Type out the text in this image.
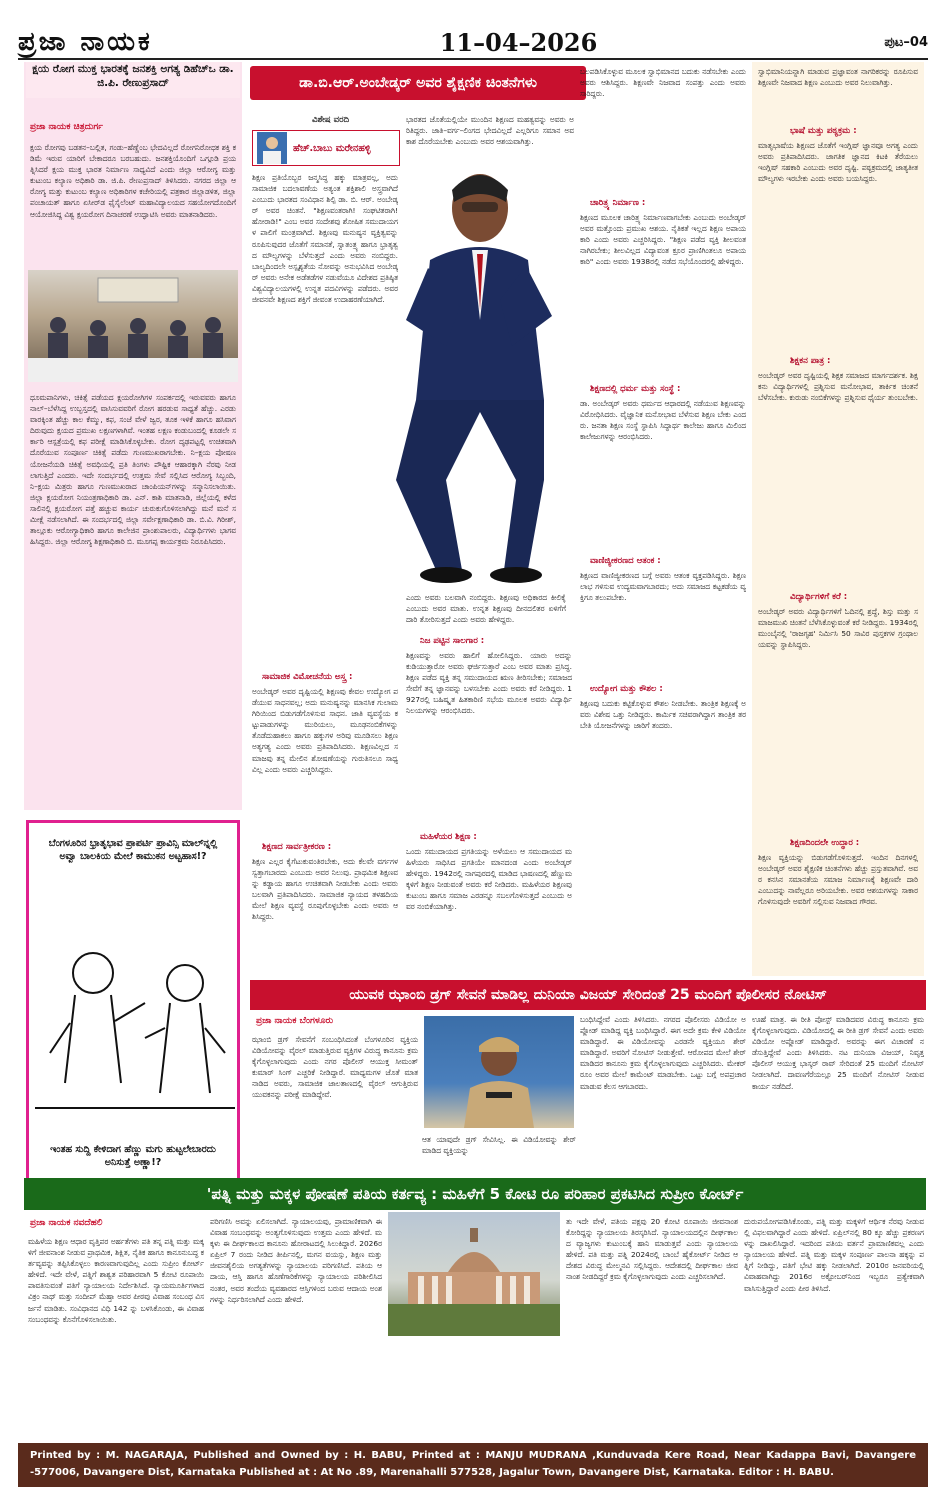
ಪ್ರಜಾ ನಾಯಕ	11–04–2026	ಪುಟ–04
ಕ್ಷಯ ರೋಗ ಮುಕ್ತ ಭಾರತಕ್ಕೆ ಜನಶಕ್ತಿ ಅಗತ್ಯ ಡಿಹೆಚ್‌ಒ ಡಾ. ಜಿ.ಪಿ. ರೇಣುಪ್ರಸಾದ್
ಪ್ರಜಾ ನಾಯಕ ಚಿತ್ರದುರ್ಗ
ಕ್ಷಯ ರೋಗವು ಬಡತನ–ಬಲ್ಲಿತ, ಗಂಡು–ಹೆಣ್ಣೆಂಬ ಭೇದವಿಲ್ಲದೆ ರೋಗನಿರೋಧಕ ಶಕ್ತಿ ಕಡಿಮೆ ಇರುವ ಯಾರಿಗೆ ಬೇಕಾದರೂ ಬರಬಹುದು. ಜನಶಕ್ತಿಯೊಂದಿಗೆ ಒಗ್ಗೂಡಿ ಪ್ರಯತ್ನಿಸಿದರೆ ಕ್ಷಯ ಮುಕ್ತ ಭಾರತ ನಿರ್ಮಾಣ ಸಾಧ್ಯವಿದೆ ಎಂದು ಜಿಲ್ಲಾ ಆರೋಗ್ಯ ಮತ್ತು ಕುಟುಂಬ ಕಲ್ಯಾಣ ಅಧಿಕಾರಿ ಡಾ. ಜಿ.ಪಿ. ರೇಣುಪ್ರಸಾದ್ ತಿಳಿಸಿದರು. ನಗರದ ಜಿಲ್ಲಾ ಆರೋಗ್ಯ ಮತ್ತು ಕುಟುಂಬ ಕಲ್ಯಾಣ ಅಧಿಕಾರಿಗಳ ಕಚೇರಿಯಲ್ಲಿ ಪತ್ರಕಾರ ಜಿಲ್ಲಾಡಳಿತ, ಜಿಲ್ಲಾ ಪಂಚಾಯತ್ ಹಾಗೂ ಏಸೀರ್‌ಡ ಫೈಸೈಲೆಂಟ್ ಮಹಾವಿದ್ಯಾಲಯದ ಸಹಯೋಗದೊಂದಿಗೆ ಆಯೋಜಿಸಿದ್ದ ವಿಶ್ವ ಕ್ಷಯರೋಗ ದಿನಾಚರಣೆ ಉದ್ಘಾಟಿಸಿ ಅವರು ಮಾತನಾಡಿದರು.
ಧೂಮಪಾನಿಗಳು, ಚಿಕಿತ್ಸೆ ಪಡೆಯದ ಕ್ಷಯರೋಗಿಗಳ ಸಂಪರ್ಕದಲ್ಲಿ ಇರುವವರು ಹಾಗೂ ನಾಲ್–ಬೆಳೆಸಿದ್ದ ಉಬ್ಬಸ್ತದಲ್ಲಿ ವಾಸಿಸುವವರಿಗೆ ರೋಗ ಹರಡುವ ಸಾಧ್ಯತೆ ಹೆಚ್ಚು. ಎರಡು ವಾರಕ್ಕಿಂತ ಹೆಚ್ಚು ಕಾಲ ಕೆಮ್ಮು, ಕಫ, ಸಂಜೆ ವೇಳೆ ಜ್ವರ, ತೂಕ ಇಳಿಕೆ ಹಾಗೂ ಹಸಿವಾಗದಿರುವುದು ಕ್ಷಯದ ಪ್ರಮುಖ ಲಕ್ಷಣಗಳಾಗಿವೆ. ಇಂತಹ ಲಕ್ಷಣ ಕಂಡುಬಂದಲ್ಲಿ ಕೂಡಲೇ ಸರ್ಕಾರಿ ಆಸ್ಪತ್ರೆಯಲ್ಲಿ ಕಫ ಪರೀಕ್ಷೆ ಮಾಡಿಸಿಕೊಳ್ಳಬೇಕು. ರೋಗ ದೃಢಪಟ್ಟಲ್ಲಿ ಉಚಿತವಾಗಿ ದೊರೆಯುವ ಸಂಪೂರ್ಣ ಚಿಕಿತ್ಸೆ ಪಡೆದು ಗುಣಮುಖರಾಗಬೇಕು. ನಿ–ಕ್ಷಯ ಪೋಷಣ ಯೋಜನೆಯಡಿ ಚಿಕಿತ್ಸೆ ಅವಧಿಯಲ್ಲಿ ಪ್ರತಿ ತಿಂಗಳು ಪೌಷ್ಟಿಕ ಆಹಾರಕ್ಕಾಗಿ ನೆರವು ನೀಡಲಾಗುತ್ತಿದೆ ಎಂದರು. ಇದೇ ಸಂದರ್ಭದಲ್ಲಿ ಉತ್ತಮ ಸೇವೆ ಸಲ್ಲಿಸಿದ ಆರೋಗ್ಯ ಸಿಬ್ಬಂದಿ, ನಿ–ಕ್ಷಯ ಮಿತ್ರರು ಹಾಗೂ ಗುಣಮುಖರಾದ ಚಾಂಪಿಯನ್‌ಗಳನ್ನು ಸನ್ಮಾನಿಸಲಾಯಿತು. ಜಿಲ್ಲಾ ಕ್ಷಯರೋಗ ನಿಯಂತ್ರಣಾಧಿಕಾರಿ ಡಾ. ಎನ್. ಕಾಶಿ ಮಾತನಾಡಿ, ಜಿಲ್ಲೆಯಲ್ಲಿ ಕಳೆದ ಸಾಲಿನಲ್ಲಿ ಕ್ಷಯರೋಗ ಪತ್ತೆ ಹಚ್ಚುವ ಕಾರ್ಯ ಚುರುಕುಗೊಳಿಸಲಾಗಿದ್ದು ಮನೆ ಮನೆ ಸಮೀಕ್ಷೆ ನಡೆಸಲಾಗಿದೆ. ಈ ಸಂದರ್ಭದಲ್ಲಿ ಜಿಲ್ಲಾ ಸರ್ವೇಕ್ಷಣಾಧಿಕಾರಿ ಡಾ. ಬಿ.ವಿ. ಗಿರೀಶ್, ತಾಲ್ಲೂಕು ಆರೋಗ್ಯಾಧಿಕಾರಿ ಹಾಗೂ ಕಾಲೇಜಿನ ಪ್ರಾಂಶುಪಾಲರು, ವಿದ್ಯಾರ್ಥಿಗಳು ಭಾಗವಹಿಸಿದ್ದರು. ಜಿಲ್ಲಾ ಆರೋಗ್ಯ ಶಿಕ್ಷಣಾಧಿಕಾರಿ ಬಿ. ಮೂಗಪ್ಪ ಕಾರ್ಯಕ್ರಮ ನಿರೂಪಿಸಿದರು.
ಬೆಂಗಳೂರಿನ ಭ್ರಾತೃಭಾವ ಪ್ರಾಪರ್ಟಿ ಪ್ರಾವಿನ್ಸಿ ಮಾಲ್‌ನ್ನಲ್ಲಿ ಅವ್ವಾ ಬಾಲಕಿಯ ಮೇಲೆ ಕಾಮುಕನ ಅಟ್ಟಹಾಸ!?
ಇಂತಹ ಸುದ್ದಿ ಕೇಳಿದಾಗ ಹೆಣ್ಣು ಮಗು ಹುಟ್ಟಲೇಬಾರದು ಅನಿಸುತ್ತೆ ಅಣ್ಣಾ!?
ಡಾ.ಬಿ.ಆರ್.ಅಂಬೇಡ್ಕರ್ ಅವರ ಶೈಕ್ಷಣಿಕ ಚಿಂತನೆಗಳು
ವಿಶೇಷ ವರದಿ
ಹೆಚ್.ಬಾಬು ಮರೇನಹಳ್ಳಿ
ಶಿಕ್ಷಣ ಪ್ರತಿಯೊಬ್ಬರ ಜನ್ಮಸಿದ್ಧ ಹಕ್ಕು ಮಾತ್ರವಲ್ಲ, ಅದು ಸಾಮಾಜಿಕ ಬದಲಾವಣೆಯ ಅತ್ಯಂತ ಶಕ್ತಿಶಾಲಿ ಅಸ್ತ್ರವಾಗಿದೆ ಎಂಬುದು ಭಾರತದ ಸಂವಿಧಾನ ಶಿಲ್ಪಿ ಡಾ. ಬಿ. ಆರ್. ಅಂಬೇಡ್ಕರ್ ಅವರ ಚಿಂತನೆ. "ಶಿಕ್ಷಣವಂತರಾಗಿ! ಸಂಘಟಿತರಾಗಿ! ಹೋರಾಡಿ!" ಎಂಬ ಅವರ ಸಂದೇಶವು ಶೋಷಿತ ಸಮುದಾಯಗಳ ಪಾಲಿಗೆ ಮಂತ್ರವಾಗಿದೆ. ಶಿಕ್ಷಣವು ಮನುಷ್ಯನ ವ್ಯಕ್ತಿತ್ವವನ್ನು ರೂಪಿಸುವುದರ ಜೊತೆಗೆ ಸಮಾನತೆ, ಸ್ವಾತಂತ್ರ್ಯ ಹಾಗೂ ಭ್ರಾತೃತ್ವದ ಮೌಲ್ಯಗಳನ್ನು ಬೆಳೆಸುತ್ತದೆ ಎಂದು ಅವರು ನಂಬಿದ್ದರು. ಬಾಲ್ಯದಿಂದಲೇ ಅಸ್ಪೃಶ್ಯತೆಯ ನೋವನ್ನು ಅನುಭವಿಸಿದ ಅಂಬೇಡ್ಕರ್ ಅವರು ಅನೇಕ ಅಡೆತಡೆಗಳ ನಡುವೆಯೂ ವಿದೇಶದ ಪ್ರತಿಷ್ಠಿತ ವಿಶ್ವವಿದ್ಯಾಲಯಗಳಲ್ಲಿ ಉನ್ನತ ಪದವಿಗಳನ್ನು ಪಡೆದರು. ಅವರ ಜೀವನವೇ ಶಿಕ್ಷಣದ ಶಕ್ತಿಗೆ ಜೀವಂತ ಉದಾಹರಣೆಯಾಗಿದೆ.
ಸಾಮಾಜಿಕ ವಿಮೋಚನೆಯ ಅಸ್ತ್ರ :
ಅಂಬೇಡ್ಕರ್ ಅವರ ದೃಷ್ಟಿಯಲ್ಲಿ ಶಿಕ್ಷಣವು ಕೇವಲ ಉದ್ಯೋಗ ಪಡೆಯುವ ಸಾಧನವಲ್ಲ; ಅದು ಮನುಷ್ಯನನ್ನು ಮಾನಸಿಕ ಗುಲಾಮಗಿರಿಯಿಂದ ಬಿಡುಗಡೆಗೊಳಿಸುವ ಸಾಧನ. ಜಾತಿ ವ್ಯವಸ್ಥೆಯ ಕಟ್ಟುಪಾಡುಗಳನ್ನು ಮುರಿಯಲು, ಮೂಢನಂಬಿಕೆಗಳನ್ನು ತೊಡೆದುಹಾಕಲು ಹಾಗೂ ಹಕ್ಕುಗಳ ಅರಿವು ಮೂಡಿಸಲು ಶಿಕ್ಷಣ ಅತ್ಯಗತ್ಯ ಎಂದು ಅವರು ಪ್ರತಿಪಾದಿಸಿದರು. ಶಿಕ್ಷಣವಿಲ್ಲದ ಸಮಾಜವು ತನ್ನ ಮೇಲಿನ ಶೋಷಣೆಯನ್ನು ಗುರುತಿಸಲೂ ಸಾಧ್ಯವಿಲ್ಲ ಎಂದು ಅವರು ಎಚ್ಚರಿಸಿದ್ದರು.
ಶಿಕ್ಷಣದ ಸಾರ್ವತ್ರೀಕರಣ :
ಶಿಕ್ಷಣ ಎಲ್ಲರ ಕೈಗೆಟುಕುವಂತಿರಬೇಕು, ಅದು ಕೆಲವೇ ವರ್ಗಗಳ ಸ್ವತ್ತಾಗಬಾರದು ಎಂಬುದು ಅವರ ನಿಲುವು. ಪ್ರಾಥಮಿಕ ಶಿಕ್ಷಣವನ್ನು ಕಡ್ಡಾಯ ಹಾಗೂ ಉಚಿತವಾಗಿ ನೀಡಬೇಕು ಎಂದು ಅವರು ಬಲವಾಗಿ ಪ್ರತಿಪಾದಿಸಿದರು. ಸಾಮಾಜಿಕ ನ್ಯಾಯದ ತಳಹದಿಯ ಮೇಲೆ ಶಿಕ್ಷಣ ವ್ಯವಸ್ಥೆ ರೂಪುಗೊಳ್ಳಬೇಕು ಎಂದು ಅವರು ಆಶಿಸಿದ್ದರು.
ಭಾರತದ ಜೊತೆಯಲ್ಲಿಯೇ ಮುಂದಿನ ಶಿಕ್ಷಣದ ಮಹತ್ವವನ್ನು ಅವರು ಅರಿತಿದ್ದರು. ಜಾತಿ–ವರ್ಗ–ಲಿಂಗದ ಭೇದವಿಲ್ಲದೆ ಎಲ್ಲರಿಗೂ ಸಮಾನ ಅವಕಾಶ ದೊರೆಯಬೇಕು ಎಂಬುದು ಅವರ ಆಶಯವಾಗಿತ್ತು.
ಎಂದು ಅವರು ಬಲವಾಗಿ ನಂಬಿದ್ದರು. ಶಿಕ್ಷಣವು ಅಧಿಕಾರದ ಕೀಲಿಕೈ ಎಂಬುದು ಅವರ ಮಾತು. ಉನ್ನತ ಶಿಕ್ಷಣವು ದೀನದಲಿತರ ಏಳಿಗೆಗೆ ದಾರಿ ತೋರಿಸುತ್ತದೆ ಎಂದು ಅವರು ಹೇಳಿದ್ದರು.
ನಿಜ ಪಟ್ಟಿನ ಸಾಲಗಾರ :
ಶಿಕ್ಷಣವನ್ನು ಅವರು ಹಾಲಿಗೆ ಹೋಲಿಸಿದ್ದರು. ಯಾರು ಅದನ್ನು ಕುಡಿಯುತ್ತಾರೋ ಅವರು ಘರ್ಜಿಸುತ್ತಾರೆ ಎಂಬ ಅವರ ಮಾತು ಪ್ರಸಿದ್ಧ. ಶಿಕ್ಷಣ ಪಡೆದ ವ್ಯಕ್ತಿ ತನ್ನ ಸಮುದಾಯದ ಋಣ ತೀರಿಸಬೇಕು; ಸಮಾಜದ ಸೇವೆಗೆ ತನ್ನ ಜ್ಞಾನವನ್ನು ಬಳಸಬೇಕು ಎಂದು ಅವರು ಕರೆ ನೀಡಿದ್ದರು. 1927ರಲ್ಲಿ ಬಹಿಷ್ಕೃತ ಹಿತಕಾರಿಣಿ ಸಭೆಯ ಮೂಲಕ ಅವರು ವಿದ್ಯಾರ್ಥಿ ನಿಲಯಗಳನ್ನು ಆರಂಭಿಸಿದರು.
ಮಹಿಳೆಯರ ಶಿಕ್ಷಣ :
ಒಂದು ಸಮುದಾಯದ ಪ್ರಗತಿಯನ್ನು ಅಳೆಯಲು ಆ ಸಮುದಾಯದ ಮಹಿಳೆಯರು ಸಾಧಿಸಿದ ಪ್ರಗತಿಯೇ ಮಾನದಂಡ ಎಂದು ಅಂಬೇಡ್ಕರ್ ಹೇಳಿದ್ದರು. 1942ರಲ್ಲಿ ನಾಗಪುರದಲ್ಲಿ ಮಾಡಿದ ಭಾಷಣದಲ್ಲಿ ಹೆಣ್ಣುಮಕ್ಕಳಿಗೆ ಶಿಕ್ಷಣ ನೀಡುವಂತೆ ಅವರು ಕರೆ ನೀಡಿದರು. ಮಹಿಳೆಯರ ಶಿಕ್ಷಣವು ಕುಟುಂಬ ಹಾಗೂ ಸಮಾಜ ಎರಡನ್ನೂ ಸಬಲಗೊಳಿಸುತ್ತದೆ ಎಂಬುದು ಅವರ ನಂಬಿಕೆಯಾಗಿತ್ತು.
ಬಲಪಡಿಸಿಕೊಳ್ಳುವ ಮೂಲಕ ಸ್ವಾಭಿಮಾನದ ಬದುಕು ನಡೆಸಬೇಕು ಎಂದು ಅವರು ಆಶಿಸಿದ್ದರು. ಶಿಕ್ಷಣವೇ ನಿಜವಾದ ಸಂಪತ್ತು ಎಂದು ಅವರು ಸಾರಿದ್ದರು.
ಚಾರಿತ್ರ್ಯ ನಿರ್ಮಾಣ :
ಶಿಕ್ಷಣದ ಮೂಲಕ ಚಾರಿತ್ರ್ಯ ನಿರ್ಮಾಣವಾಗಬೇಕು ಎಂಬುದು ಅಂಬೇಡ್ಕರ್ ಅವರ ಮತ್ತೊಂದು ಪ್ರಮುಖ ಆಶಯ. ನೈತಿಕತೆ ಇಲ್ಲದ ಶಿಕ್ಷಣ ಅಪಾಯಕಾರಿ ಎಂದು ಅವರು ಎಚ್ಚರಿಸಿದ್ದರು. "ಶಿಕ್ಷಣ ಪಡೆದ ವ್ಯಕ್ತಿ ಶೀಲವಂತನಾಗಿರಬೇಕು; ಶೀಲವಿಲ್ಲದ ವಿದ್ಯಾವಂತ ಕ್ರೂರ ಪ್ರಾಣಿಗಿಂತಲೂ ಅಪಾಯಕಾರಿ" ಎಂದು ಅವರು 1938ರಲ್ಲಿ ನಡೆದ ಸಭೆಯೊಂದರಲ್ಲಿ ಹೇಳಿದ್ದರು.
ಶಿಕ್ಷಣದಲ್ಲಿ ಧರ್ಮ ಮತ್ತು ಸಂಸ್ಥೆ :
ಡಾ. ಅಂಬೇಡ್ಕರ್ ಅವರು ಧರ್ಮದ ಆಧಾರದಲ್ಲಿ ನಡೆಯುವ ಶಿಕ್ಷಣವನ್ನು ವಿರೋಧಿಸಿದರು. ವೈಜ್ಞಾನಿಕ ಮನೋಭಾವ ಬೆಳೆಸುವ ಶಿಕ್ಷಣ ಬೇಕು ಎಂದರು. ಜನತಾ ಶಿಕ್ಷಣ ಸಂಸ್ಥೆ ಸ್ಥಾಪಿಸಿ ಸಿದ್ಧಾರ್ಥ ಕಾಲೇಜು ಹಾಗೂ ಮಿಲಿಂದ ಕಾಲೇಜುಗಳನ್ನು ಆರಂಭಿಸಿದರು.
ವಾಣಿಜ್ಯೀಕರಣದ ಆತಂಕ :
ಶಿಕ್ಷಣದ ವಾಣಿಜ್ಯೀಕರಣದ ಬಗ್ಗೆ ಅವರು ಆತಂಕ ವ್ಯಕ್ತಪಡಿಸಿದ್ದರು. ಶಿಕ್ಷಣ ಲಾಭ ಗಳಿಸುವ ಉದ್ಯಮವಾಗಬಾರದು; ಅದು ಸಮಾಜದ ಕಟ್ಟಕಡೆಯ ವ್ಯಕ್ತಿಗೂ ತಲುಪಬೇಕು.
ಉದ್ಯೋಗ ಮತ್ತು ಕೌಶಲ :
ಶಿಕ್ಷಣವು ಬದುಕು ಕಟ್ಟಿಕೊಳ್ಳುವ ಕೌಶಲ ನೀಡಬೇಕು. ತಾಂತ್ರಿಕ ಶಿಕ್ಷಣಕ್ಕೆ ಅವರು ವಿಶೇಷ ಒತ್ತು ನೀಡಿದ್ದರು. ಕಾರ್ಮಿಕ ಸಚಿವರಾಗಿದ್ದಾಗ ತಾಂತ್ರಿಕ ತರಬೇತಿ ಯೋಜನೆಗಳನ್ನು ಜಾರಿಗೆ ತಂದರು.
ಸ್ವಾಭಿಮಾನಿಯನ್ನಾಗಿ ಮಾಡುವ ಪ್ರಜ್ಞಾವಂತ ನಾಗರಿಕರನ್ನು ರೂಪಿಸುವ ಶಿಕ್ಷಣವೇ ನಿಜವಾದ ಶಿಕ್ಷಣ ಎಂಬುದು ಅವರ ನಿಲುವಾಗಿತ್ತು.
ಭಾಷೆ ಮತ್ತು ಪಠ್ಯಕ್ರಮ :
ಮಾತೃಭಾಷೆಯ ಶಿಕ್ಷಣದ ಜೊತೆಗೆ ಇಂಗ್ಲಿಷ್ ಜ್ಞಾನವೂ ಅಗತ್ಯ ಎಂದು ಅವರು ಪ್ರತಿಪಾದಿಸಿದರು. ಜಾಗತಿಕ ಜ್ಞಾನದ ಕಿಟಕಿ ತೆರೆಯಲು ಇಂಗ್ಲಿಷ್ ಸಹಕಾರಿ ಎಂಬುದು ಅವರ ದೃಷ್ಟಿ. ಪಠ್ಯಕ್ರಮದಲ್ಲಿ ಜಾತ್ಯತೀತ ಮೌಲ್ಯಗಳು ಇರಬೇಕು ಎಂದು ಅವರು ಬಯಸಿದ್ದರು.
ಶಿಕ್ಷಕನ ಪಾತ್ರ :
ಅಂಬೇಡ್ಕರ್ ಅವರ ದೃಷ್ಟಿಯಲ್ಲಿ ಶಿಕ್ಷಕ ಸಮಾಜದ ಮಾರ್ಗದರ್ಶಕ. ಶಿಕ್ಷಕನು ವಿದ್ಯಾರ್ಥಿಗಳಲ್ಲಿ ಪ್ರಶ್ನಿಸುವ ಮನೋಭಾವ, ತಾರ್ಕಿಕ ಚಿಂತನೆ ಬೆಳೆಸಬೇಕು. ಕುರುಡು ನಂಬಿಕೆಗಳನ್ನು ಪ್ರಶ್ನಿಸುವ ಧೈರ್ಯ ತುಂಬಬೇಕು.
ವಿದ್ಯಾರ್ಥಿಗಳಿಗೆ ಕರೆ :
ಅಂಬೇಡ್ಕರ್ ಅವರು ವಿದ್ಯಾರ್ಥಿಗಳಿಗೆ ಓದಿನಲ್ಲಿ ಶ್ರದ್ಧೆ, ಶಿಸ್ತು ಮತ್ತು ಸಮಾಜಮುಖಿ ಚಿಂತನೆ ಬೆಳೆಸಿಕೊಳ್ಳುವಂತೆ ಕರೆ ನೀಡಿದ್ದರು. 1934ರಲ್ಲಿ ಮುಂಬೈನಲ್ಲಿ 'ರಾಜಗೃಹ' ನಿರ್ಮಿಸಿ 50 ಸಾವಿರ ಪುಸ್ತಕಗಳ ಗ್ರಂಥಾಲಯವನ್ನು ಸ್ಥಾಪಿಸಿದ್ದರು.
ಶಿಕ್ಷಣದಿಂದಲೇ ಉದ್ಧಾರ :
ಶಿಕ್ಷಣ ವ್ಯಕ್ತಿಯನ್ನು ಬಿಡುಗಡೆಗೊಳಿಸುತ್ತದೆ. ಇಂದಿನ ದಿನಗಳಲ್ಲಿ ಅಂಬೇಡ್ಕರ್ ಅವರ ಶೈಕ್ಷಣಿಕ ಚಿಂತನೆಗಳು ಹೆಚ್ಚು ಪ್ರಸ್ತುತವಾಗಿವೆ. ಅವರ ಕನಸಿನ ಸಮಾನತೆಯ ಸಮಾಜ ನಿರ್ಮಾಣಕ್ಕೆ ಶಿಕ್ಷಣವೇ ದಾರಿ ಎಂಬುದನ್ನು ನಾವೆಲ್ಲರೂ ಅರಿಯಬೇಕು. ಅವರ ಆಶಯಗಳನ್ನು ಸಾಕಾರಗೊಳಿಸುವುದೇ ಅವರಿಗೆ ಸಲ್ಲಿಸುವ ನಿಜವಾದ ಗೌರವ.
ಯುವಕ ಝಾಂಬಿ ಡ್ರಗ್ ಸೇವನೆ ಮಾಡಿಲ್ಲ ದುನಿಯಾ ವಿಜಯ್ ಸೇರಿದಂತೆ 25 ಮಂದಿಗೆ ಪೊಲೀಸರ ನೋಟಿಸ್
ಪ್ರಜಾ ನಾಯಕ ಬೆಂಗಳೂರು
ಝಾಂಬಿ ಡ್ರಗ್ ಸೇವನೆಗೆ ಸಂಬಂಧಿಸಿದಂತೆ ಬೆಂಗಳೂರಿನ ವ್ಯಕ್ತಿಯ ವಿಡಿಯೋವನ್ನು ವೈರಲ್ ಮಾಡುತ್ತಿರುವ ವ್ಯಕ್ತಿಗಳ ವಿರುದ್ಧ ಕಾನೂನು ಕ್ರಮ ಕೈಗೊಳ್ಳಲಾಗುವುದು ಎಂದು ನಗರ ಪೊಲೀಸ್ ಆಯುಕ್ತ ಸೀಮಂತ್ ಕುಮಾರ್ ಸಿಂಗ್ ಎಚ್ಚರಿಕೆ ನೀಡಿದ್ದಾರೆ. ಮಾಧ್ಯಮಗಳ ಜೊತೆ ಮಾತನಾಡಿದ ಅವರು, ಸಾಮಾಜಿಕ ಜಾಲತಾಣದಲ್ಲಿ ವೈರಲ್ ಆಗುತ್ತಿರುವ ಯುವಕನನ್ನು ಪರೀಕ್ಷೆ ಮಾಡಿದ್ದೇವೆ.
ಆತ ಯಾವುದೇ ಡ್ರಗ್ ಸೇವಿಸಿಲ್ಲ. ಈ ವಿಡಿಯೋವನ್ನು ಶೇರ್ ಮಾಡಿದ ವ್ಯಕ್ತಿಯನ್ನು
ಬಂಧಿಸಿದ್ದೇವೆ ಎಂದು ತಿಳಿಸಿದರು. ನಗರದ ಪೊಲೀಸರು ವಿಡಿಯೋ ಅಪ್ಲೋಡ್ ಮಾಡಿದ್ದ ವ್ಯಕ್ತಿ ಬಂಧಿಸಿದ್ದಾರೆ. ಈಗ ಅದೇ ಕ್ರಮ ಕೇಳಿ ವಿಡಿಯೋ ಮಾಡಿದ್ದಾರೆ. ಈ ವಿಡಿಯೋವನ್ನು ಎರಡನೇ ವ್ಯಕ್ತಿಯೂ ಶೇರ್ ಮಾಡಿದ್ದಾರೆ. ಅವರಿಗೆ ನೋಟಿಸ್ ನೀಡುತ್ತೇವೆ. ಆರೋಪದ ಮೇಲೆ ಶೇರ್ ಮಾಡಿದರ ಕಾನೂನು ಕ್ರಮ ಕೈಗೊಳ್ಳಲಾಗುವುದು ಎಚ್ಚರಿಸಿದರು. ಮೇಕರ್ ರೂಂ ಅವರ ಮೇಲೆ ಕಾಮೆಂಟ್ ಮಾಡಬೇಕು. ಒಟ್ಟು ಬಗ್ಗೆ ಅಪಪ್ರಚಾರ ಮಾಡುವ ಕೆಲಸ ಆಗಬಾರದು.
ಊಹೆ ಮಾತ್ರ. ಈ ರೀತಿ ಪೋಸ್ಟ್ ಮಾಡಿದವರ ವಿರುದ್ಧ ಕಾನೂನು ಕ್ರಮ ಕೈಗೊಳ್ಳಲಾಗುವುದು. ವಿಡಿಯೋದಲ್ಲಿ ಈ ರೀತಿ ಡ್ರಗ್ ಸೇವನೆ ಎಂದು ಅವರು ವಿಡಿಯೋ ಅಪ್ಲೋಡ್ ಮಾಡಿದ್ದಾರೆ. ಅವರನ್ನು ಈಗ ವಿಚಾರಣೆ ನಡೆಸುತ್ತಿದ್ದೇವೆ ಎಂದು ತಿಳಿಸಿದರು. ನಟ ದುನಿಯಾ ವಿಜಯ್, ನಿವೃತ್ತ ಪೊಲೀಸ್ ಆಯುಕ್ತ ಭಾಸ್ಕರ್ ರಾವ್ ಸೇರಿದಂತೆ 25 ಮಂದಿಗೆ ನೋಟಿಸ್ ನೀಡಲಾಗಿದೆ. ದಾವಣಗೆರೆಯಲ್ಲೂ 25 ಮಂದಿಗೆ ನೋಟಿಸ್ ನೀಡುವ ಕಾರ್ಯ ನಡೆದಿದೆ.
'ಪತ್ನಿ ಮತ್ತು ಮಕ್ಕಳ ಪೋಷಣೆ ಪತಿಯ ಕರ್ತವ್ಯ : ಮಹಿಳೆಗೆ 5 ಕೋಟಿ ರೂ ಪರಿಹಾರ ಪ್ರಕಟಿಸಿದ ಸುಪ್ರೀಂ ಕೋರ್ಟ್
ಪ್ರಜಾ ನಾಯಕ ನವದೆಹಲಿ
ಮಹಿಳೆಯ ಶಿಕ್ಷಣ ಆಧಾರ ವೃತ್ತಿಪರ ಅರ್ಹತೆಗಳು ಪತಿ ತನ್ನ ಪತ್ನಿ ಮತ್ತು ಮಕ್ಕಳಿಗೆ ಜೀವನಾಂಶ ನೀಡುವ ಪ್ರಾಥಮಿಕ, ಶಿಕ್ಷಿತ, ನೈತಿಕ ಹಾಗೂ ಕಾನೂನುಬದ್ಧ ಕರ್ತವ್ಯವನ್ನು ತಪ್ಪಿಸಿಕೊಳ್ಳಲು ಕಾರಣವಾಗುವುದಿಲ್ಲ ಎಂದು ಸುಪ್ರೀಂ ಕೋರ್ಟ್ ಹೇಳಿದೆ. ಇದೇ ವೇಳೆ, ಪತ್ನಿಗೆ ಶಾಶ್ವತ ಪರಿಹಾರವಾಗಿ 5 ಕೋಟಿ ರೂಪಾಯಿ ಪಾವತಿಸುವಂತೆ ಪತಿಗೆ ನ್ಯಾಯಾಲಯ ನಿರ್ದೇಶಿಸಿದೆ. ನ್ಯಾಯಮೂರ್ತಿಗಳಾದ ವಿಕ್ರಂ ನಾಥ್ ಮತ್ತು ಸಂದೀಪ್ ಮೆಹ್ತಾ ಅವರ ಪೀಠವು ವಿವಾಹ ಸಂಬಂಧ ವಿಸರ್ಜನೆ ಮಾಡಿತು. ಸಂವಿಧಾನದ ವಿಧಿ 142 ನ್ನು ಬಳಸಿಕೊಂಡು, ಈ ವಿವಾಹ ಸಂಬಂಧವನ್ನು ಕೊನೆಗೊಳಿಸಲಾಯಿತು.
ಪರಿಗಣಿಸಿ ಅವನ್ನು ಏಲಿಸಲಾಗಿದೆ. ನ್ಯಾಯಾಲಯವು, ಪ್ರಾಮಾಣಿಕವಾಗಿ ಈ ವಿವಾಹ ಸಂಬಂಧವನ್ನು ಅಂತ್ಯಗೊಳಿಸುವುದು ಉತ್ತಮ ಎಂದು ಹೇಳಿದೆ. ಮಕ್ಕಳು ಈ ದೀರ್ಘಕಾಲದ ಕಾನೂನು ಹೋರಾಟದಲ್ಲಿ ಸಿಲುಕಿದ್ದಾರೆ. 2026ರ ಏಪ್ರಿಲ್ 7 ರಂದು ನೀಡಿದ ತೀರ್ಪಿನಲ್ಲಿ, ಮಗನ ವಯಸ್ಸು, ಶಿಕ್ಷಣ ಮತ್ತು ಜೀವನಶೈಲಿಯ ಅಗತ್ಯತೆಗಳನ್ನು ನ್ಯಾಯಾಲಯ ಪರಿಗಣಿಸಿದೆ. ಪತಿಯ ಆದಾಯ, ಆಸ್ತಿ ಹಾಗೂ ಹೊಣೆಗಾರಿಕೆಗಳನ್ನು ನ್ಯಾಯಾಲಯ ಪರಿಶೀಲಿಸಿದ ನಂತರ, ಅವರ ತಂದೆಯ ವ್ಯವಹಾರದ ಆಸ್ತಿಗಳಿಂದ ಬರುವ ಆದಾಯ ಅಂಶಗಳನ್ನು ನಿರ್ಧರಿಸಲಾಗಿದೆ ಎಂದು ಹೇಳಿದೆ.
ತು ಇದೇ ವೇಳೆ, ಪತಿಯ ಪಕ್ಷವು 20 ಕೋಟಿ ರೂಪಾಯಿ ಜೀವನಾಂಶ ಕೋರಿದ್ದನ್ನು ನ್ಯಾಯಾಲಯ ತಿರಸ್ಕರಿಸಿದೆ. ನ್ಯಾಯಾಲಯದಲ್ಲಿನ ದೀರ್ಘಕಾಲದ ವ್ಯಾಜ್ಯಗಳು ಕುಟುಂಬಕ್ಕೆ ಹಾನಿ ಮಾಡುತ್ತವೆ ಎಂದು ನ್ಯಾಯಾಲಯ ಹೇಳಿದೆ. ಪತಿ ಮತ್ತು ಪತ್ನಿ 2024ರಲ್ಲಿ ಬಾಂಬೆ ಹೈಕೋರ್ಟ್ ನೀಡಿದ ಆದೇಶದ ವಿರುದ್ಧ ಮೇಲ್ಮನವಿ ಸಲ್ಲಿಸಿದ್ದರು. ಆದೇಶದಲ್ಲಿ ದೀರ್ಘಕಾಲ ಜೀವನಾಂಶ ನೀಡದಿದ್ದರೆ ಕ್ರಮ ಕೈಗೊಳ್ಳಲಾಗುವುದು ಎಂದು ಎಚ್ಚರಿಸಲಾಗಿದೆ.
ದುರುಪಯೋಗಪಡಿಸಿಕೊಂಡು, ಪತ್ನಿ ಮತ್ತು ಮಕ್ಕಳಿಗೆ ಆರ್ಥಿಕ ನೆರವು ನೀಡುವಲ್ಲಿ ವಿಫಲವಾಗಿದ್ದಾರೆ ಎಂದು ಹೇಳಿದೆ. ಏಪ್ರಿಲ್‌ನಲ್ಲಿ 80 ಕ್ಕೂ ಹೆಚ್ಚು ಪ್ರಕರಣಗಳನ್ನು ದಾಖಲಿಸಿದ್ದಾರೆ. ಇದರಿಂದ ಪತಿಯ ವರ್ತನೆ ಪ್ರಾಮಾಣಿಕವಲ್ಲ ಎಂದು ನ್ಯಾಯಾಲಯ ಹೇಳಿದೆ. ಪತ್ನಿ ಮತ್ತು ಮಕ್ಕಳ ಸಂಪೂರ್ಣ ಪಾಲನಾ ಹಕ್ಕನ್ನು ಪತ್ನಿಗೆ ನೀಡಿದ್ದು, ಪತಿಗೆ ಭೇಟಿ ಹಕ್ಕು ನೀಡಲಾಗಿದೆ. 2010ರ ಜನವರಿಯಲ್ಲಿ ವಿವಾಹವಾಗಿದ್ದು 2016ರ ಅಕ್ಟೋಬರ್‌ನಿಂದ ಇಬ್ಬರೂ ಪ್ರತ್ಯೇಕವಾಗಿ ವಾಸಿಸುತ್ತಿದ್ದಾರೆ ಎಂದು ಪೀಠ ತಿಳಿಸಿದೆ.
Printed by : M. NAGARAJA, Published and Owned by : H. BABU, Printed at : MANJU MUDRANA ,Kunduvada Kere Road, Near Kadappa Bavi, Davangere -577006, Davangere Dist, Karnataka Published at : At No .89, Marenahalli 577528, Jagalur Town, Davangere Dist, Karnataka. Editor : H. BABU.
